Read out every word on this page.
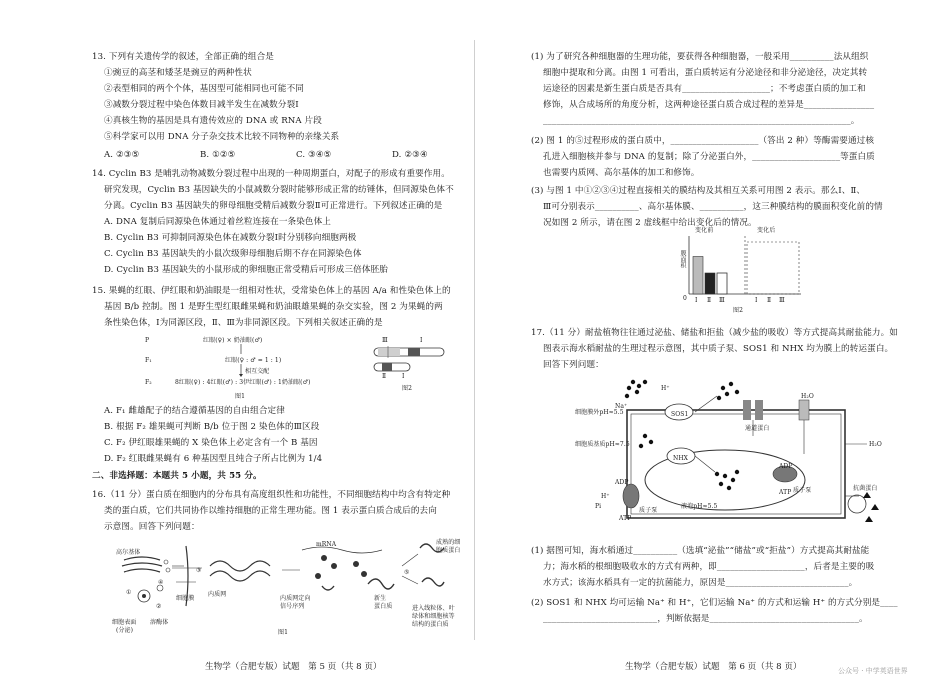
13. 下列有关遗传学的叙述，全部正确的组合是
①豌豆的高茎和矮茎是豌豆的两种性状
②表型相同的两个个体，基因型可能相同也可能不同
③减数分裂过程中染色体数目减半发生在减数分裂Ⅰ
④真核生物的基因是具有遗传效应的 DNA 或 RNA 片段
⑤科学家可以用 DNA 分子杂交技术比较不同物种的亲缘关系
A. ②③⑤	B. ①②⑤	C. ③④⑤	D. ②③④
14. Cyclin B3 是哺乳动物减数分裂过程中出现的一种周期蛋白，对配子的形成有重要作用。
研究发现，Cyclin B3 基因缺失的小鼠减数分裂时能够形成正常的纺锤体，但同源染色体不
分离。Cyclin B3 基因缺失的卵母细胞受精后减数分裂Ⅱ可正常进行。下列叙述正确的是
A. DNA 复制后同源染色体通过着丝粒连接在一条染色体上
B. Cyclin B3 可抑制同源染色体在减数分裂Ⅰ时分别移向细胞两极
C. Cyclin B3 基因缺失的小鼠次级卵母细胞后期不存在同源染色体
D. Cyclin B3 基因缺失的小鼠形成的卵细胞正常受精后可形成三倍体胚胎
15. 果蝇的红眼、伊红眼和奶油眼是一组相对性状，受常染色体上的基因 A/a 和性染色体上的
基因 B/b 控制。图 1 是野生型红眼雌果蝇和奶油眼雄果蝇的杂交实验，图 2 为果蝇的两
条性染色体，Ⅰ为同源区段，Ⅱ、Ⅲ为非同源区段。下列相关叙述正确的是
P	红眼(♀) × 奶油眼(♂)
F₁	红眼(♀ : ♂ = 1 : 1)
相互交配
F₂	8红眼(♀) : 4红眼(♂) : 3伊红眼(♂) : 1奶油眼(♂)
图1
Ⅲ	Ⅰ
Ⅱ	Ⅰ
图2
A. F₁ 雌雄配子的结合遵循基因的自由组合定律
B. 根据 F₂ 雄果蝇可判断 B/b 位于图 2 染色体的Ⅲ区段
C. F₂ 伊红眼雄果蝇的 X 染色体上必定含有一个 B 基因
D. F₂ 红眼雌果蝇有 6 种基因型且纯合子所占比例为 1/4
二、非选择题：本题共 5 小题，共 55 分。
16.（11 分）蛋白质在细胞内的分布具有高度组织性和功能性，不同细胞结构中均含有特定种
类的蛋白质，它们共同协作以维持细胞的正常生理功能。图 1 表示蛋白质合成后的去向
示意图。回答下列问题：
高尔基体
内质网
细胞膜
细胞表面
(分泌)
溶酶体
mRNA
内质网定向
信号序列
新生
蛋白质
成熟的细
胞质蛋白
进入线粒体、叶
绿体和细胞核等
结构的蛋白质
③
④
②
①
⑤
图1
生物学（合肥专版）试题　第 5 页（共 8 页）
(1) 为了研究各种细胞器的生理功能，要获得各种细胞器，一般采用__________法从组织
细胞中提取和分离。由图 1 可看出，蛋白质转运有分泌途径和非分泌途径，决定其转
运途径的因素是新生蛋白质是否具有____________________；不考虑蛋白质的加工和
修饰，从合成场所的角度分析，这两种途径蛋白质合成过程的差异是________________
______________________________________________________________________。
(2) 图 1 的⑤过程形成的蛋白质中，____________________（答出 2 种）等酶需要通过核
孔进入细胞核并参与 DNA 的复制；除了分泌蛋白外，____________________等蛋白质
也需要内质网、高尔基体的加工和修饰。
(3) 与图 1 中①②③④过程直接相关的膜结构及其相互关系可用图 2 表示。那么Ⅰ、Ⅱ、
Ⅲ可分别表示__________、高尔基体膜、__________，这三种膜结构的膜面积变化前的情
况如图 2 所示，请在图 2 虚线框中给出变化后的情况。
变化前	变化后
膜面积
0 Ⅰ Ⅱ Ⅲ	Ⅰ Ⅱ Ⅲ
图2
17.（11 分）耐盐植物往往通过泌盐、储盐和拒盐（减少盐的吸收）等方式提高其耐盐能力。如
图表示海水稻耐盐的生理过程示意图，其中质子泵、SOS1 和 NHX 均为膜上的转运蛋白。
回答下列问题：
细胞膜外pH≈5.5
细胞质基质pH≈7.5
液泡pH≈5.5
SOS1
NHX
通道蛋白
质子泵
质子泵
抗菌蛋白
ADP
ATP
ADP
ATP
H⁺
Na⁺
H₂O
H₂O
H⁺
Pi
(1) 据图可知，海水稻通过__________（选填“泌盐”“储盐”或“拒盐”）方式提高其耐盐能
力；海水稻的根细胞吸收水的方式有两种，即____________________，后者是主要的吸
水方式；该海水稻具有一定的抗菌能力，原因是____________________________。
(2) SOS1 和 NHX 均可运输 Na⁺ 和 H⁺，它们运输 Na⁺ 的方式和运输 H⁺ 的方式分别是____
__________________________，判断依据是__________________________________。
生物学（合肥专版）试题　第 6 页（共 8 页）	公众号 · 中学英语世界
